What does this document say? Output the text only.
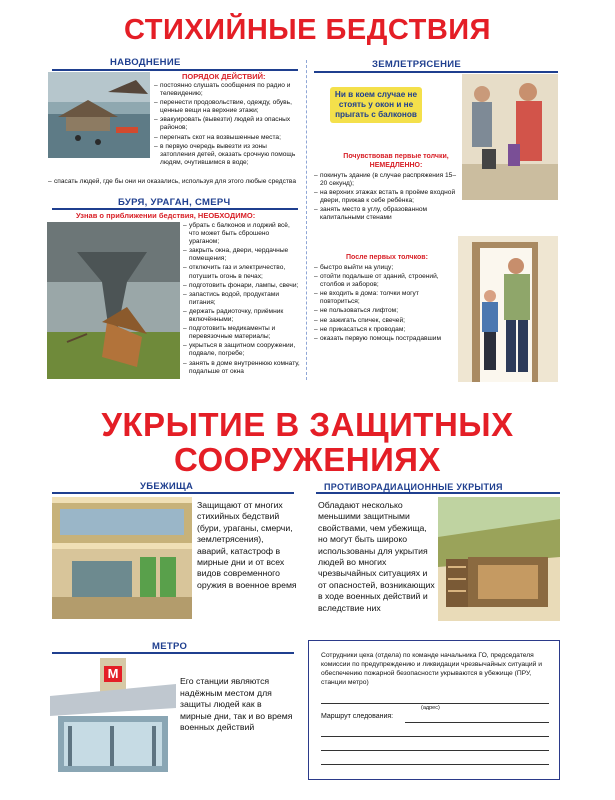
СТИХИЙНЫЕ БЕДСТВИЯ
НАВОДНЕНИЕ
ПОРЯДОК ДЕЙСТВИЙ:
– постоянно слушать сообщения по радио и телевидению;
– перенести продовольствие, одежду, обувь, ценные вещи на верхние этажи;
– эвакуировать (вывезти) людей из опасных районов;
– перегнать скот на возвышенные места;
– в первую очередь вывезти из зоны затопления детей, оказать срочную помощь людям, очутившимся в воде;
– спасать людей, где бы они ни оказались, используя для этого любые средства
БУРЯ, УРАГАН, СМЕРЧ
Узнав о приближении бедствия, НЕОБХОДИМО:
– убрать с балконов и лоджий всё, что может быть сброшено ураганом;
– закрыть окна, двери, чердачные помещения;
– отключить газ и электричество, потушить огонь в печах;
– подготовить фонари, лампы, свечи;
– запастись водой, продуктами питания;
– держать радиоточку, приёмник включёнными;
– подготовить медикаменты и перевязочные материалы;
– укрыться в защитном сооружении, подвале, погребе;
– занять в доме внутреннюю комнату, подальше от окна
ЗЕМЛЕТРЯСЕНИЕ
Ни в коем случае не стоять у окон и не прыгать с балконов
Почувствовав первые толчки, НЕМЕДЛЕННО:
– покинуть здание (в случае распряжения 15–20 секунд);
– на верхних этажах встать в проёме входной двери, прижав к себе ребёнка;
– занять место в углу, образованном капитальными стенами
После первых толчков:
– быстро выйти на улицу;
– отойти подальше от зданий, строений, столбов и заборов;
– не входить в дома: толчки могут повториться;
– не пользоваться лифтом;
– не зажигать спичек, свечей;
– не прикасаться к проводам;
– оказать первую помощь пострадавшим
УКРЫТИЕ В ЗАЩИТНЫХ
СООРУЖЕНИЯХ
УБЕЖИЩА
Защищают от многих стихийных бедствий (бури, ураганы, смерчи, землетрясения), аварий, катастроф в мирные дни и от всех видов современного оружия в военное время
ПРОТИВОРАДИАЦИОННЫЕ УКРЫТИЯ
Обладают несколько меньшими защитными свойствами, чем убежища, но могут быть широко использованы для укрытия людей во многих чрезвычайных ситуациях и от опасностей, возникающих в ходе военных действий и вследствие них
МЕТРО
М	Его станции являются надёжным местом для защиты людей как в мирные дни, так и во время военных действий
Сотрудники цеха (отдела) по команде начальника ГО, председателя комиссии по предупреждению и ликвидации чрезвычайных ситуаций и обеспечению пожарной безопасности укрываются в убежище (ПРУ, станции метро)
(адрес)
Маршрут следования:
